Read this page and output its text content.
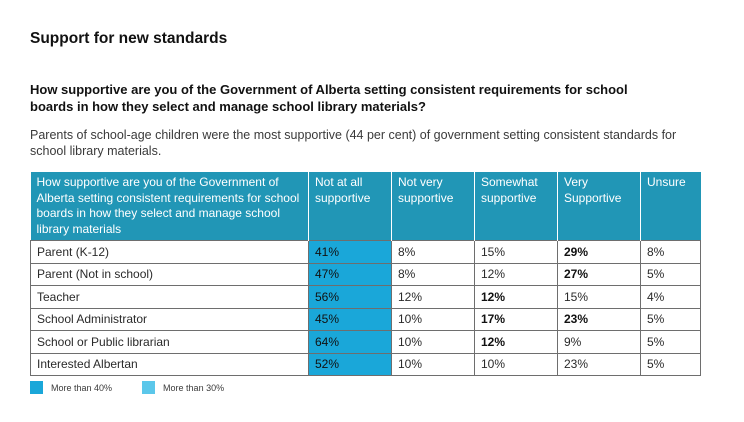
Support for new standards

How supportive are you of the Government of Alberta setting consistent requirements for school boards in how they select and manage school library materials?

Parents of school-age children were the most supportive (44 per cent) of government setting consistent standards for school library materials.

How supportive are you of the Government of Alberta setting consistent requirements for school boards in how they select and manage school library materials	Not at all supportive	Not very supportive	Somewhat supportive	Very Supportive	Unsure
Parent (K-12)	41%	8%	15%	29%	8%
Parent (Not in school)	47%	8%	12%	27%	5%
Teacher	56%	12%	12%	15%	4%
School Administrator	45%	10%	17%	23%	5%
School or Public librarian	64%	10%	12%	9%	5%
Interested Albertan	52%	10%	10%	23%	5%
More than 40%	More than 30%
